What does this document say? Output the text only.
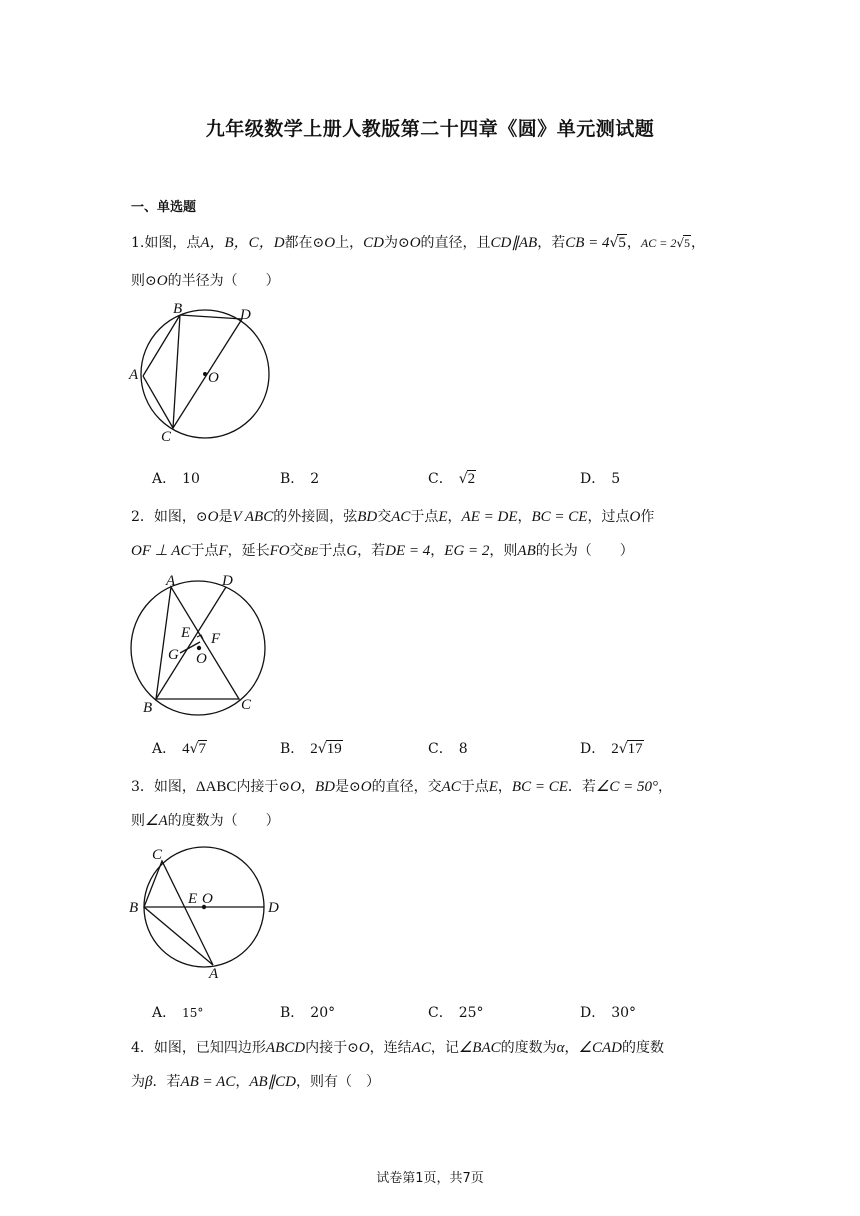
九年级数学上册人教版第二十四章《圆》单元测试题
一、单选题
1.如图，点A，B，C，D都在⊙O上，CD为⊙O的直径，且CD∥AB，若CB = 4√5，AC = 2√5，
则⊙O的半径为（　　）
B	D
A	O
C
A． 10	B． 2	C． √2	D． 5
2．如图，⊙O是V ABC的外接圆，弦BD交AC于点E，AE = DE，BC = CE，过点O作
OF ⊥ AC于点F，延长FO交BE于点G，若DE = 4，EG = 2，则AB的长为（　　）
A	D
E F
G O
B	C
A． 4√7	B． 2√19	C． 8	D． 2√17
3．如图，ΔABC内接于⊙O，BD是⊙O的直径，交AC于点E，BC = CE．若∠C = 50°，
则∠A的度数为（　　）
C
E O
B	D
A
A． 15°	B． 20°	C． 25°	D． 30°
4．如图，已知四边形ABCD内接于⊙O，连结AC，记∠BAC的度数为α，∠CAD的度数
为β．若AB = AC，AB∥CD，则有（　）
试卷第1页，共7页
